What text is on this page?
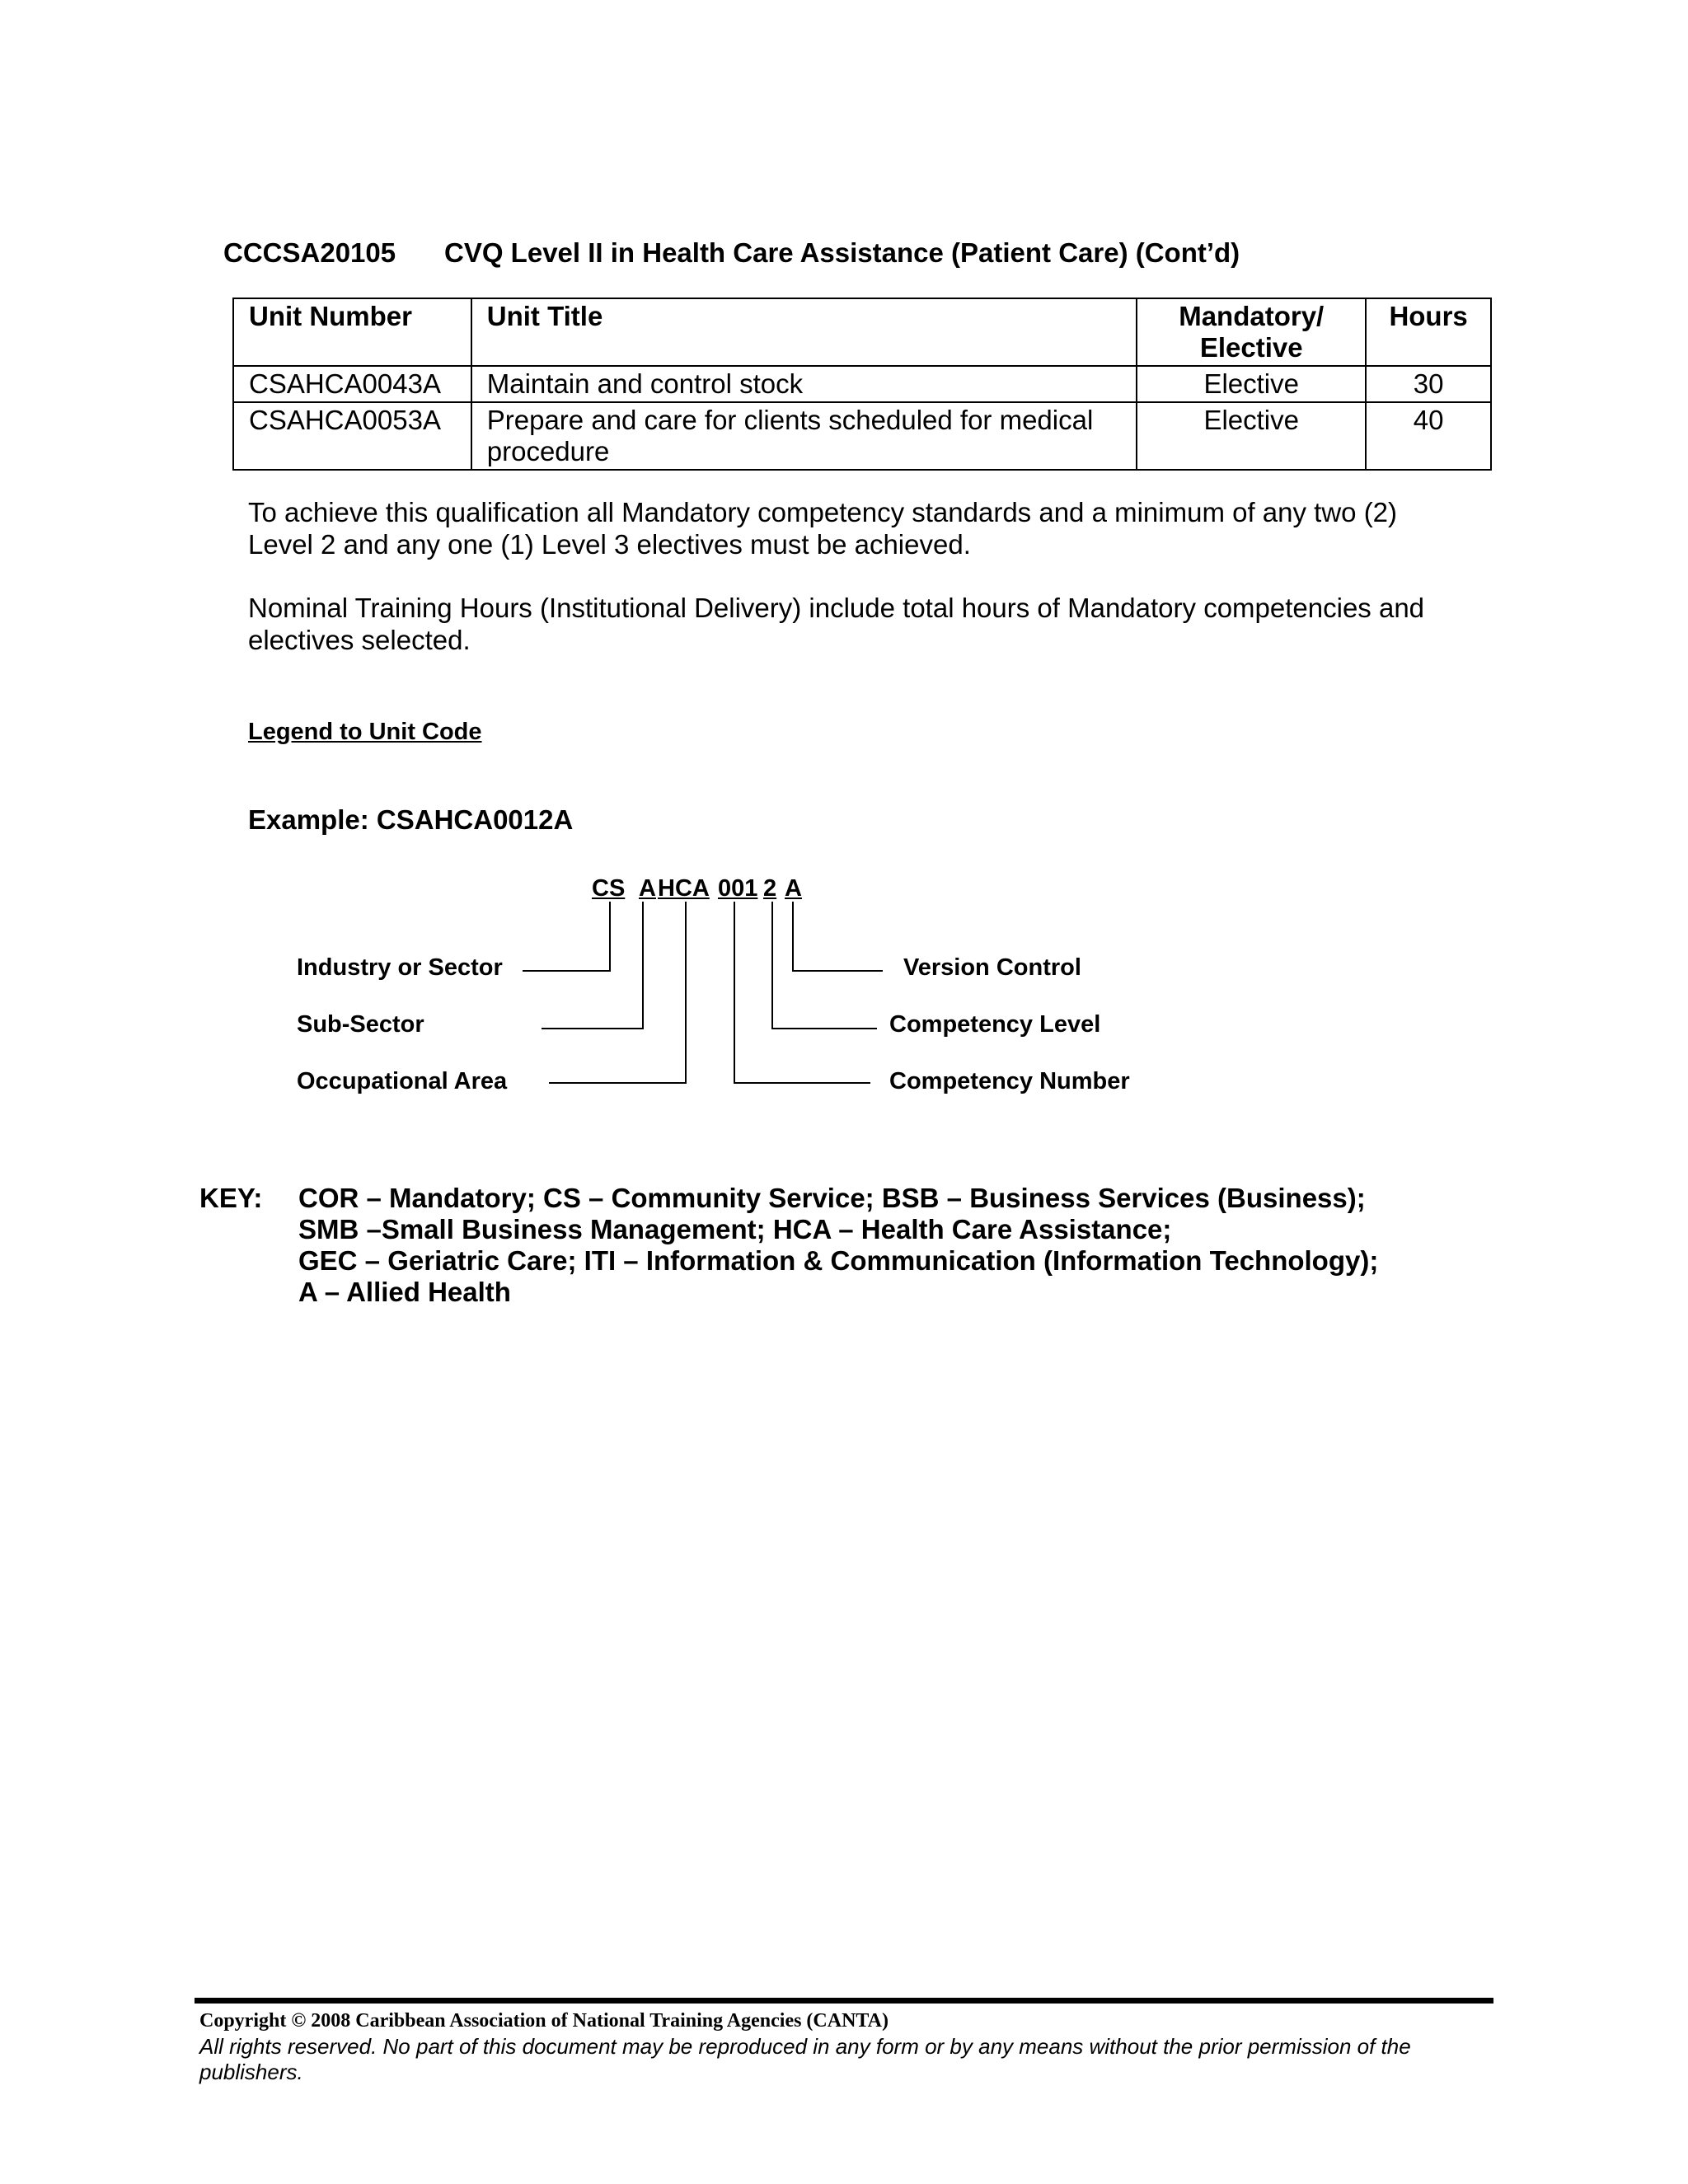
CCCSA20105 CVQ Level II in Health Care Assistance (Patient Care) (Cont’d)
Unit Number	Unit Title	Mandatory/ Elective	Hours
CSAHCA0043A	Maintain and control stock	Elective	30
CSAHCA0053A	Prepare and care for clients scheduled for medical procedure	Elective	40
To achieve this qualification all Mandatory competency standards and a minimum of any two (2) Level 2 and any one (1) Level 3 electives must be achieved.
Nominal Training Hours (Institutional Delivery) include total hours of Mandatory competencies and electives selected.
Legend to Unit Code
Example: CSAHCA0012A
CS A HCA 001 2 A
Industry or Sector
Sub-Sector
Occupational Area
Version Control
Competency Level
Competency Number
KEY: COR – Mandatory; CS – Community Service; BSB – Business Services (Business);
SMB –Small Business Management; HCA – Health Care Assistance;
GEC – Geriatric Care; ITI – Information & Communication (Information Technology);
A – Allied Health
Copyright © 2008 Caribbean Association of National Training Agencies (CANTA)
All rights reserved. No part of this document may be reproduced in any form or by any means without the prior permission of the publishers.
